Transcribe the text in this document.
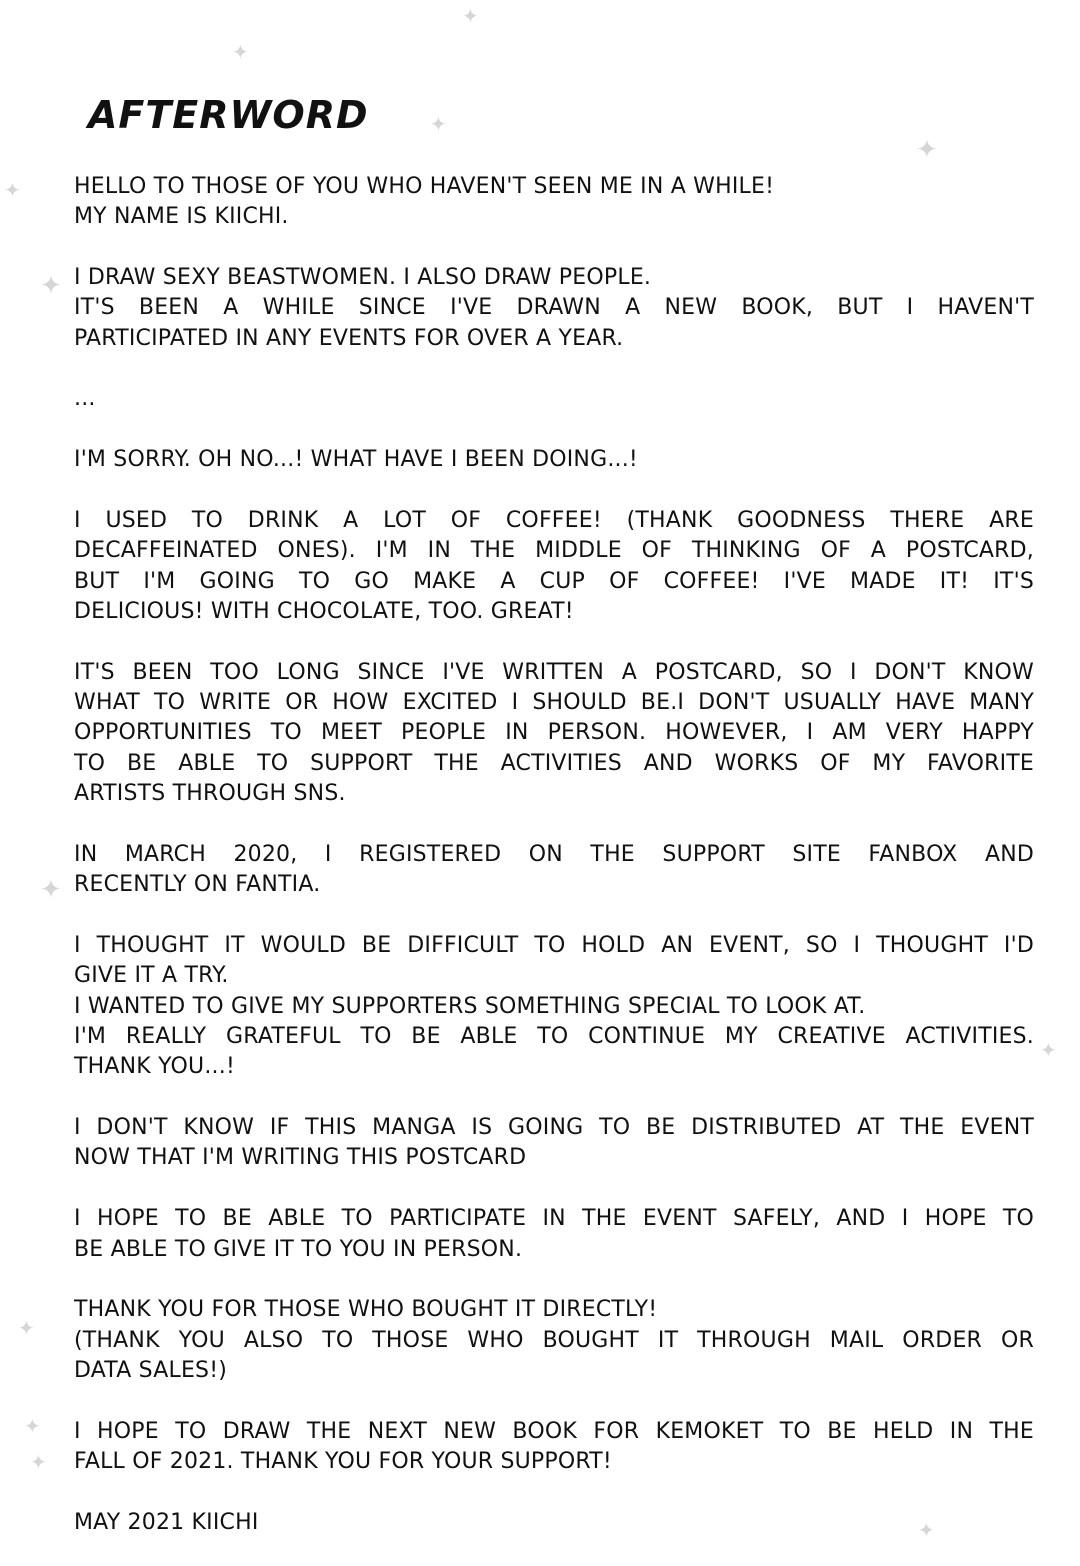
✦
✦
✦
✦
✦
✦
✦
✦
✦
✦
✦
✦
AFTERWORD
HELLO TO THOSE OF YOU WHO HAVEN'T SEEN ME IN A WHILE!
MY NAME IS KIICHI.
I DRAW SEXY BEASTWOMEN. I ALSO DRAW PEOPLE.
IT'S BEEN A WHILE SINCE I'VE DRAWN A NEW BOOK, BUT I HAVEN'T
PARTICIPATED IN ANY EVENTS FOR OVER A YEAR.
...
I'M SORRY. OH NO...! WHAT HAVE I BEEN DOING...!
I USED TO DRINK A LOT OF COFFEE! (THANK GOODNESS THERE ARE
DECAFFEINATED ONES). I'M IN THE MIDDLE OF THINKING OF A POSTCARD,
BUT I'M GOING TO GO MAKE A CUP OF COFFEE! I'VE MADE IT! IT'S
DELICIOUS! WITH CHOCOLATE, TOO. GREAT!
IT'S BEEN TOO LONG SINCE I'VE WRITTEN A POSTCARD, SO I DON'T KNOW
WHAT TO WRITE OR HOW EXCITED I SHOULD BE.I DON'T USUALLY HAVE MANY
OPPORTUNITIES TO MEET PEOPLE IN PERSON. HOWEVER, I AM VERY HAPPY
TO BE ABLE TO SUPPORT THE ACTIVITIES AND WORKS OF MY FAVORITE
ARTISTS THROUGH SNS.
IN MARCH 2020, I REGISTERED ON THE SUPPORT SITE FANBOX AND
RECENTLY ON FANTIA.
I THOUGHT IT WOULD BE DIFFICULT TO HOLD AN EVENT, SO I THOUGHT I'D
GIVE IT A TRY.
I WANTED TO GIVE MY SUPPORTERS SOMETHING SPECIAL TO LOOK AT.
I'M REALLY GRATEFUL TO BE ABLE TO CONTINUE MY CREATIVE ACTIVITIES.
THANK YOU...!
I DON'T KNOW IF THIS MANGA IS GOING TO BE DISTRIBUTED AT THE EVENT
NOW THAT I'M WRITING THIS POSTCARD
I HOPE TO BE ABLE TO PARTICIPATE IN THE EVENT SAFELY, AND I HOPE TO
BE ABLE TO GIVE IT TO YOU IN PERSON.
THANK YOU FOR THOSE WHO BOUGHT IT DIRECTLY!
(THANK YOU ALSO TO THOSE WHO BOUGHT IT THROUGH MAIL ORDER OR
DATA SALES!)
I HOPE TO DRAW THE NEXT NEW BOOK FOR KEMOKET TO BE HELD IN THE
FALL OF 2021. THANK YOU FOR YOUR SUPPORT!
MAY 2021 KIICHI
